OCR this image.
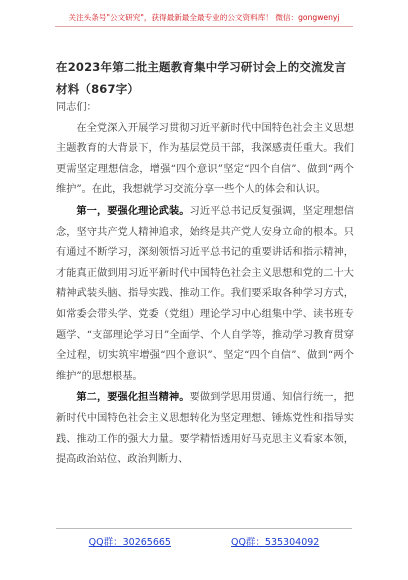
关注头条号"公文研究"，获得最新最全最专业的公文资料库！ 微信：gongwenyj
在2023年第二批主题教育集中学习研讨会上的交流发言材料（867字）

同志们：

在全党深入开展学习贯彻习近平新时代中国特色社会主义思想主题教育的大背景下，作为基层党员干部，我深感责任重大。我们更需坚定理想信念，增强“四个意识”坚定“四个自信”、做到“两个维护”。在此，我想就学习交流分享一些个人的体会和认识。

第一，要强化理论武装。习近平总书记反复强调，坚定理想信念，坚守共产党人精神追求，始终是共产党人安身立命的根本。只有通过不断学习，深刻领悟习近平总书记的重要讲话和指示精神，才能真正做到用习近平新时代中国特色社会主义思想和党的二十大精神武装头脑、指导实践、推动工作。我们要采取各种学习方式，如常委会带头学、党委（党组）理论学习中心组集中学、读书班专题学、“支部理论学习日”全面学、个人自学等，推动学习教育贯穿全过程，切实筑牢增强“四个意识”、坚定“四个自信”、做到“两个维护”的思想根基。

第二，要强化担当精神。要做到学思用贯通、知信行统一，把新时代中国特色社会主义思想转化为坚定理想、锤炼党性和指导实践、推动工作的强大力量。要学精悟透用好马克思主义看家本领，提高政治站位、政治判断力、

QQ群：30265665	QQ群：535304092
